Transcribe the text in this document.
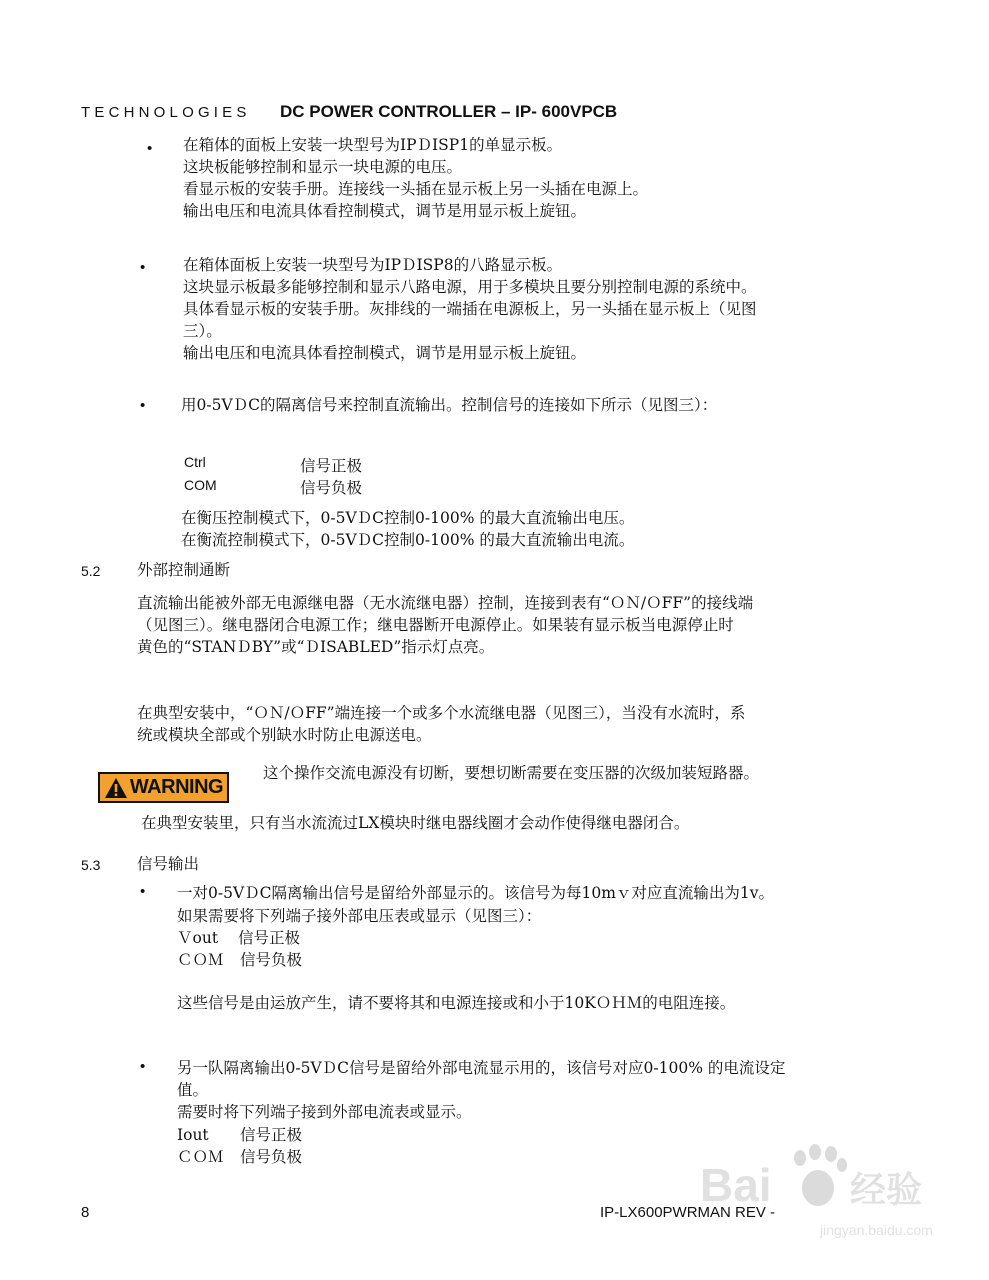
TECHNOLOGIES DC POWER CONTROLLER – IP- 600VPCB
• 在箱体的面板上安装一块型号为IPＤISP1的单显示板。
这块板能够控制和显示一块电源的电压。
看显示板的安装手册。连接线一头插在显示板上另一头插在电源上。
输出电压和电流具体看控制模式，调节是用显示板上旋钮。
• 在箱体面板上安装一块型号为IPＤISP8的八路显示板。
这块显示板最多能够控制和显示八路电源，用于多模块且要分别控制电源的系统中。
具体看显示板的安装手册。灰排线的一端插在电源板上，另一头插在显示板上（见图
三）。
输出电压和电流具体看控制模式，调节是用显示板上旋钮。
• 用0-5VＤC的隔离信号来控制直流输出。控制信号的连接如下所示（见图三）：
Ctrl	信号正极
COM	信号负极
在衡压控制模式下，0-5VＤC控制0-100% 的最大直流输出电压。
在衡流控制模式下，0-5VＤC控制0-100% 的最大直流输出电流。
5.2 外部控制通断
直流输出能被外部无电源继电器（无水流继电器）控制，连接到表有“ＯＮ/ＯFF”的接线端
（见图三）。继电器闭合电源工作；继电器断开电源停止。如果装有显示板当电源停止时
黄色的“STANＤBY”或“ＤISABLED”指示灯点亮。
在典型安装中，“ＯＮ/ＯFF”端连接一个或多个水流继电器（见图三），当没有水流时，系
统或模块全部或个别缺水时防止电源送电。
WARNING
这个操作交流电源没有切断，要想切断需要在变压器的次级加装短路器。
在典型安装里，只有当水流流过LX模块时继电器线圈才会动作使得继电器闭合。
5.3 信号输出
• 一对0-5VＤC隔离输出信号是留给外部显示的。该信号为每10mｖ对应直流输出为1v。
如果需要将下列端子接外部电压表或显示（见图三）：
Ｖout 信号正极
ＣＯＭ 信号负极
这些信号是由运放产生，请不要将其和电源连接或和小于10KＯＨＭ的电阻连接。
• 另一队隔离输出0-5VＤC信号是留给外部电流显示用的，该信号对应0-100% 的电流设定
值。
需要时将下列端子接到外部电流表或显示。
Iout 信号正极
ＣＯＭ 信号负极
8	IP-LX600PWRMAN REV -
Bai 经验
jingyan.baidu.com
